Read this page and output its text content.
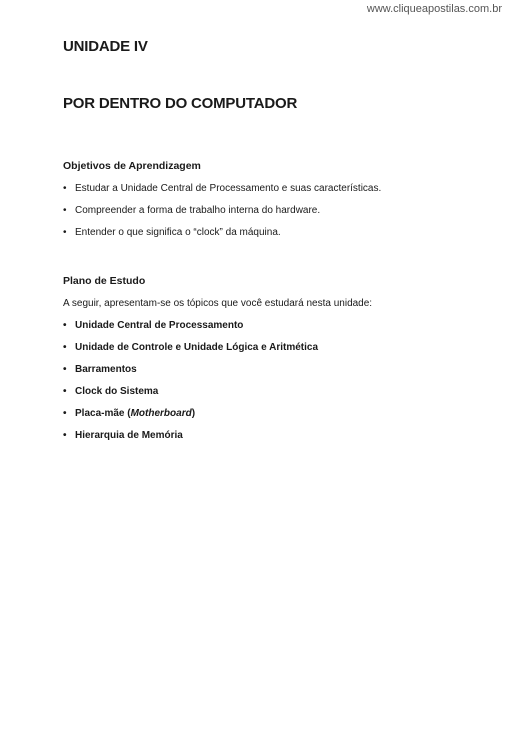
www.cliqueapostilas.com.br
UNIDADE IV
POR DENTRO DO COMPUTADOR
Objetivos de Aprendizagem
• Estudar a Unidade Central de Processamento e suas características.
• Compreender a forma de trabalho interna do hardware.
• Entender o que significa o “clock” da máquina.
Plano de Estudo
A seguir, apresentam-se os tópicos que você estudará nesta unidade:
• Unidade Central de Processamento
• Unidade de Controle e Unidade Lógica e Aritmética
• Barramentos
• Clock do Sistema
• Placa-mãe (Motherboard)
• Hierarquia de Memória
